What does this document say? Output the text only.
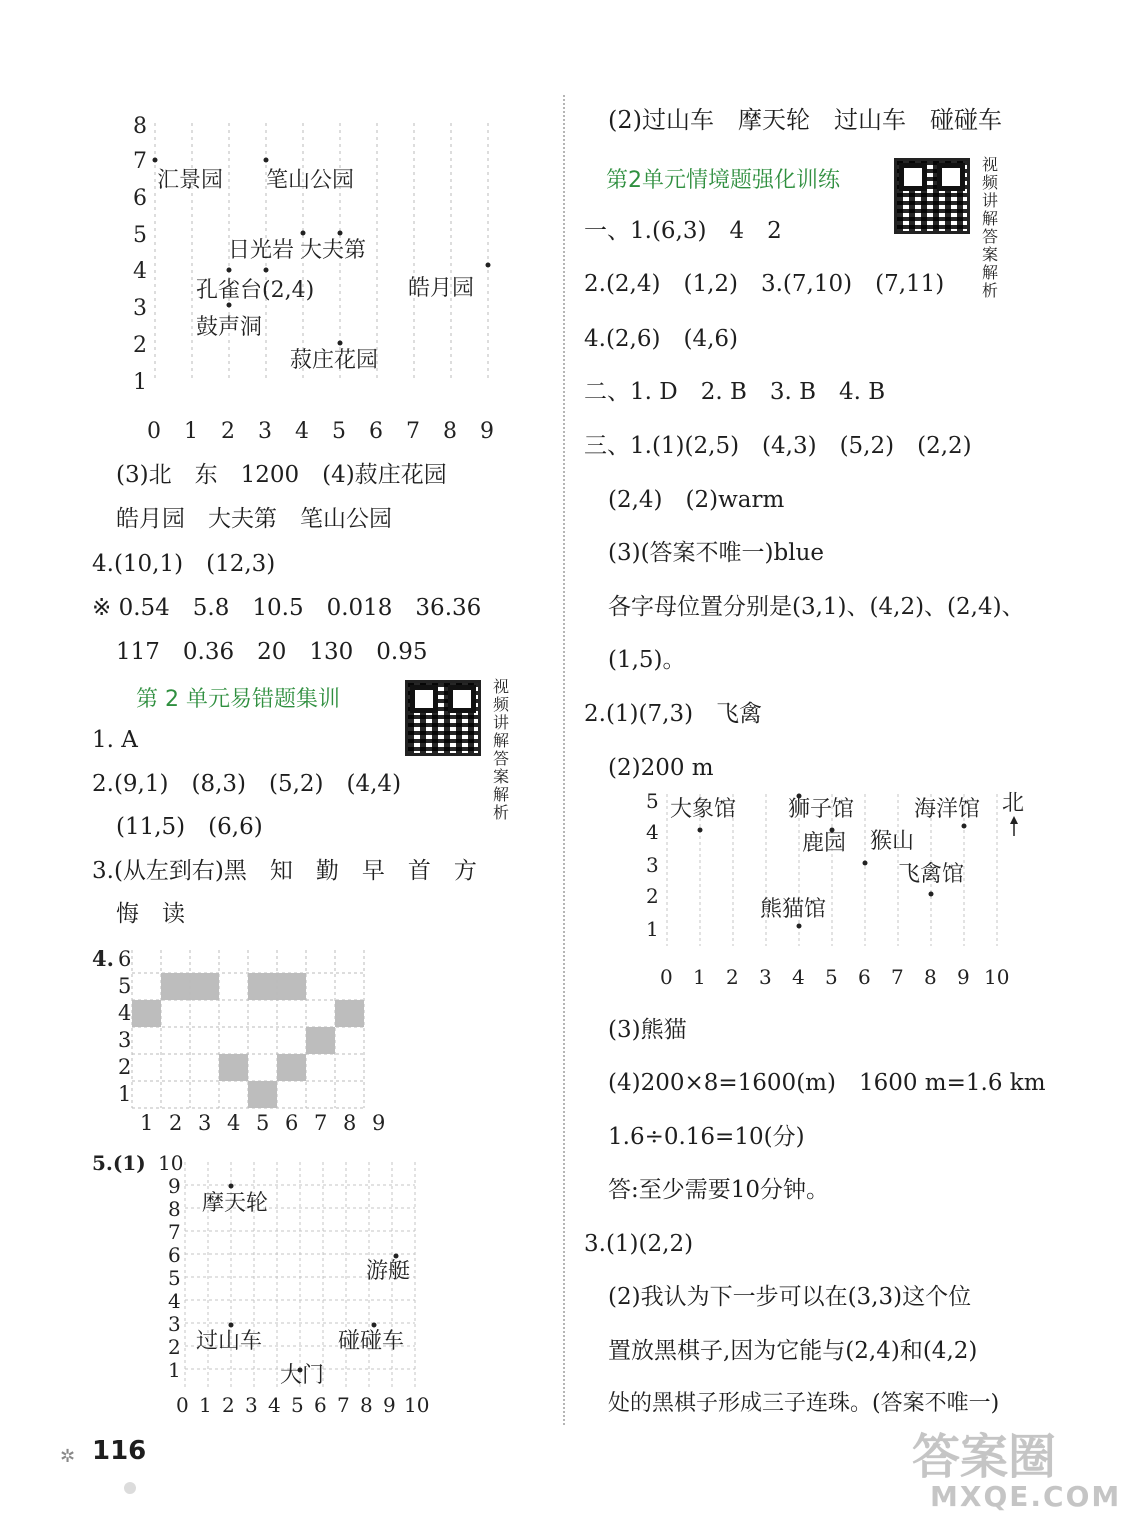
8
7
6
5
4
3
2
1
0 1 2 3 4 5 6 7 8 9
汇景园 笔山公园
日光岩 大夫第
孔雀台(2,4)	皓月园
鼓声洞
菽庄花园
(3)北　东　1200　(4)菽庄花园
皓月园　大夫第　笔山公园
4.(10,1)　(12,3)
※ 0.54　5.8　10.5　0.018　36.36
117　0.36　20　130　0.95
第 2 单元易错题集训
视频讲解答案解析
1. A
2.(9,1)　(8,3)　(5,2)　(4,4)
(11,5)　(6,6)
3.(从左到右)黑　知　勤　早　首　方
悔　读
4. 6
5
4
3
2
1
1 2 3 4 5 6 7 8 9
5.(1) 10
9
8
7
6
5
4
3
2
1
0 1 2 3 4 5 6 7 8 9 10
摩天轮
游艇
过山车	碰碰车
大门
✲ 116
(2)过山车　摩天轮　过山车　碰碰车
第2单元情境题强化训练
视频讲解答案解析
一、1.(6,3)　4　2
2.(2,4)　(1,2)　3.(7,10)　(7,11)
4.(2,6)　(4,6)
二、1. D　2. B　3. B　4. B
三、1.(1)(2,5)　(4,3)　(5,2)　(2,2)
(2,4)　(2)warm
(3)(答案不唯一)blue
各字母位置分别是(3,1)、(4,2)、(2,4)、
(1,5)。
2.(1)(7,3)　飞禽
(2)200 m
5
4
3
2
1
0 1 2 3 4 5 6 7 8 9 10
大象馆 狮子馆	海洋馆
鹿园 猴山
飞禽馆
熊猫馆
北
(3)熊猫
(4)200×8=1600(m)　1600 m=1.6 km
1.6÷0.16=10(分)
答:至少需要10分钟。
3.(1)(2,2)
(2)我认为下一步可以在(3,3)这个位
置放黑棋子,因为它能与(2,4)和(4,2)
处的黑棋子形成三子连珠。(答案不唯一)
答案圈
MXQE.COM
